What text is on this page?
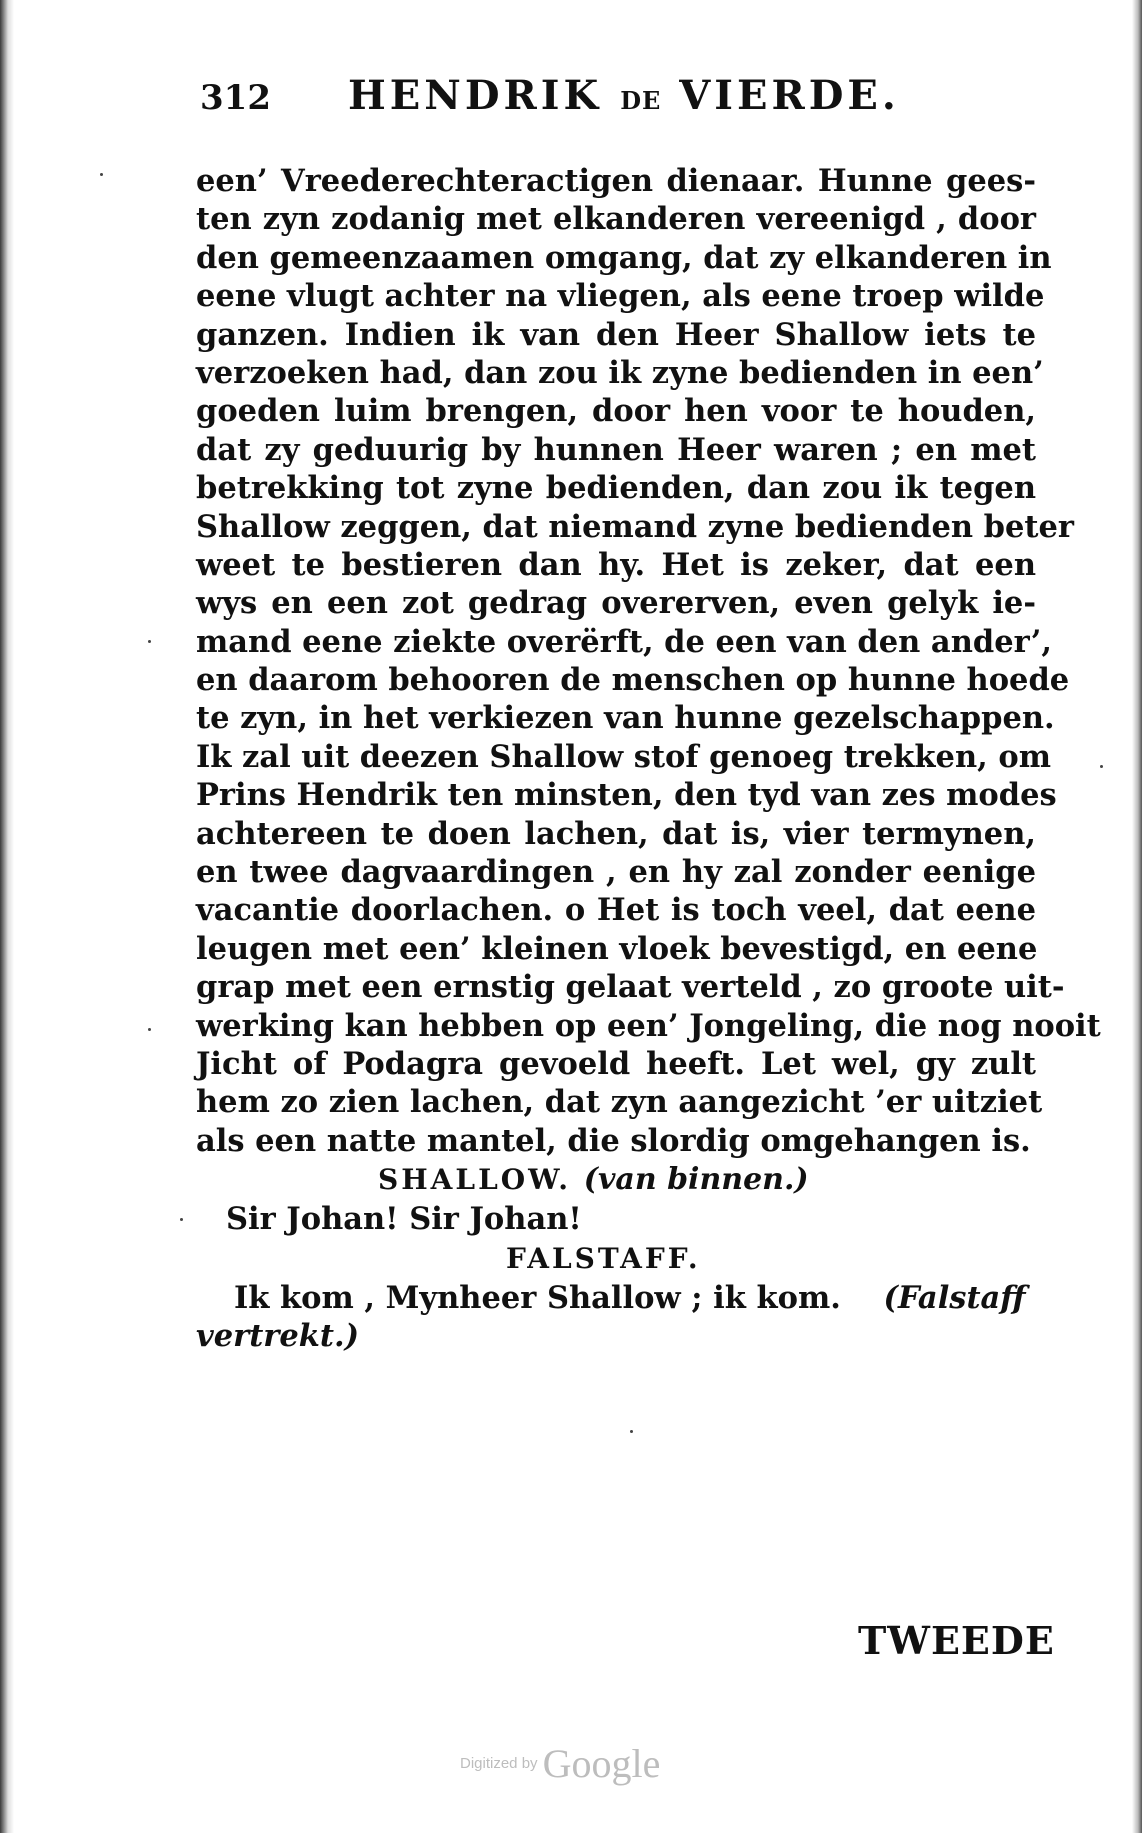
312 HENDRIK DE VIERDE.
een’ Vreederechteractigen dienaar. Hunne gees-
ten zyn zodanig met elkanderen vereenigd , door
den gemeenzaamen omgang, dat zy elkanderen in
eene vlugt achter na vliegen, als eene troep wilde
ganzen. Indien ik van den Heer Shallow iets te
verzoeken had, dan zou ik zyne bedienden in een’
goeden luim brengen, door hen voor te houden,
dat zy geduurig by hunnen Heer waren ; en met
betrekking tot zyne bedienden, dan zou ik tegen
Shallow zeggen, dat niemand zyne bedienden beter
weet te bestieren dan hy. Het is zeker, dat een
wys en een zot gedrag overerven, even gelyk ie-
mand eene ziekte overërft, de een van den ander’,
en daarom behooren de menschen op hunne hoede
te zyn, in het verkiezen van hunne gezelschappen.
Ik zal uit deezen Shallow stof genoeg trekken, om
Prins Hendrik ten minsten, den tyd van zes modes
achtereen te doen lachen, dat is, vier termynen,
en twee dagvaardingen , en hy zal zonder eenige
vacantie doorlachen. o Het is toch veel, dat eene
leugen met een’ kleinen vloek bevestigd, en eene
grap met een ernstig gelaat verteld , zo groote uit-
werking kan hebben op een’ Jongeling, die nog nooit
Jicht of Podagra gevoeld heeft. Let wel, gy zult
hem zo zien lachen, dat zyn aangezicht ’er uitziet
als een natte mantel, die slordig omgehangen is.
SHALLOW. (van binnen.)
Sir Johan! Sir Johan!
FALSTAFF.
Ik kom , Mynheer Shallow ; ik kom. (Falstaff
vertrekt.)
TWEEDE
Digitized by Google
